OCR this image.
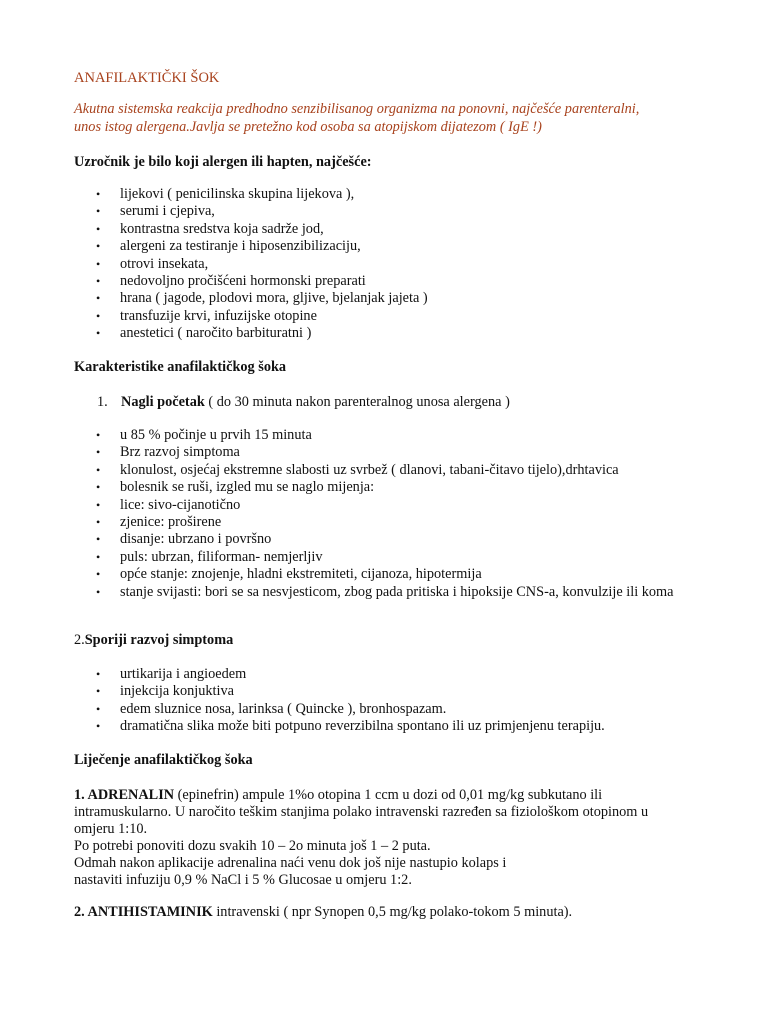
ANAFILAKTIČKI ŠOK
Akutna sistemska reakcija predhodno senzibilisanog organizma na ponovni, najčešće parenteralni,
unos istog alergena.Javlja se pretežno kod osoba sa atopijskom dijatezom ( IgE !)
Uzročnik je bilo koji alergen ili hapten, najčešće:
• lijekovi ( penicilinska skupina lijekova ),
• serumi i cjepiva,
• kontrastna sredstva koja sadrže jod,
• alergeni za testiranje i hiposenzibilizaciju,
• otrovi insekata,
• nedovoljno pročišćeni hormonski preparati
• hrana ( jagode, plodovi mora, gljive, bjelanjak jajeta )
• transfuzije krvi, infuzijske otopine
• anestetici ( naročito barbituratni )
Karakteristike anafilaktičkog šoka
1. Nagli početak ( do 30 minuta nakon parenteralnog unosa alergena )
• u 85 % počinje u prvih 15 minuta
• Brz razvoj simptoma
• klonulost, osjećaj ekstremne slabosti uz svrbež ( dlanovi, tabani-čitavo tijelo),drhtavica
• bolesnik se ruši, izgled mu se naglo mijenja:
• lice: sivo-cijanotično
• zjenice: proširene
• disanje: ubrzano i površno
• puls: ubrzan, filiforman- nemjerljiv
• opće stanje: znojenje, hladni ekstremiteti, cijanoza, hipotermija
• stanje svijasti: bori se sa nesvjesticom, zbog pada pritiska i hipoksije CNS-a, konvulzije ili koma
2.Sporiji razvoj simptoma
• urtikarija i angioedem
• injekcija konjuktiva
• edem sluznice nosa, larinksa ( Quincke ), bronhospazam.
• dramatična slika može biti potpuno reverzibilna spontano ili uz primjenjenu terapiju.
Liječenje anafilaktičkog šoka
1. ADRENALIN (epinefrin) ampule 1%o otopina 1 ccm u dozi od 0,01 mg/kg subkutano ili
intramuskularno. U naročito teškim stanjima polako intravenski razređen sa fiziološkom otopinom u
omjeru 1:10.
Po potrebi ponoviti dozu svakih 10 – 2o minuta još 1 – 2 puta.
Odmah nakon aplikacije adrenalina naći venu dok još nije nastupio kolaps i
nastaviti infuziju 0,9 % NaCl i 5 % Glucosae u omjeru 1:2.
2. ANTIHISTAMINIK intravenski ( npr Synopen 0,5 mg/kg polako-tokom 5 minuta).
